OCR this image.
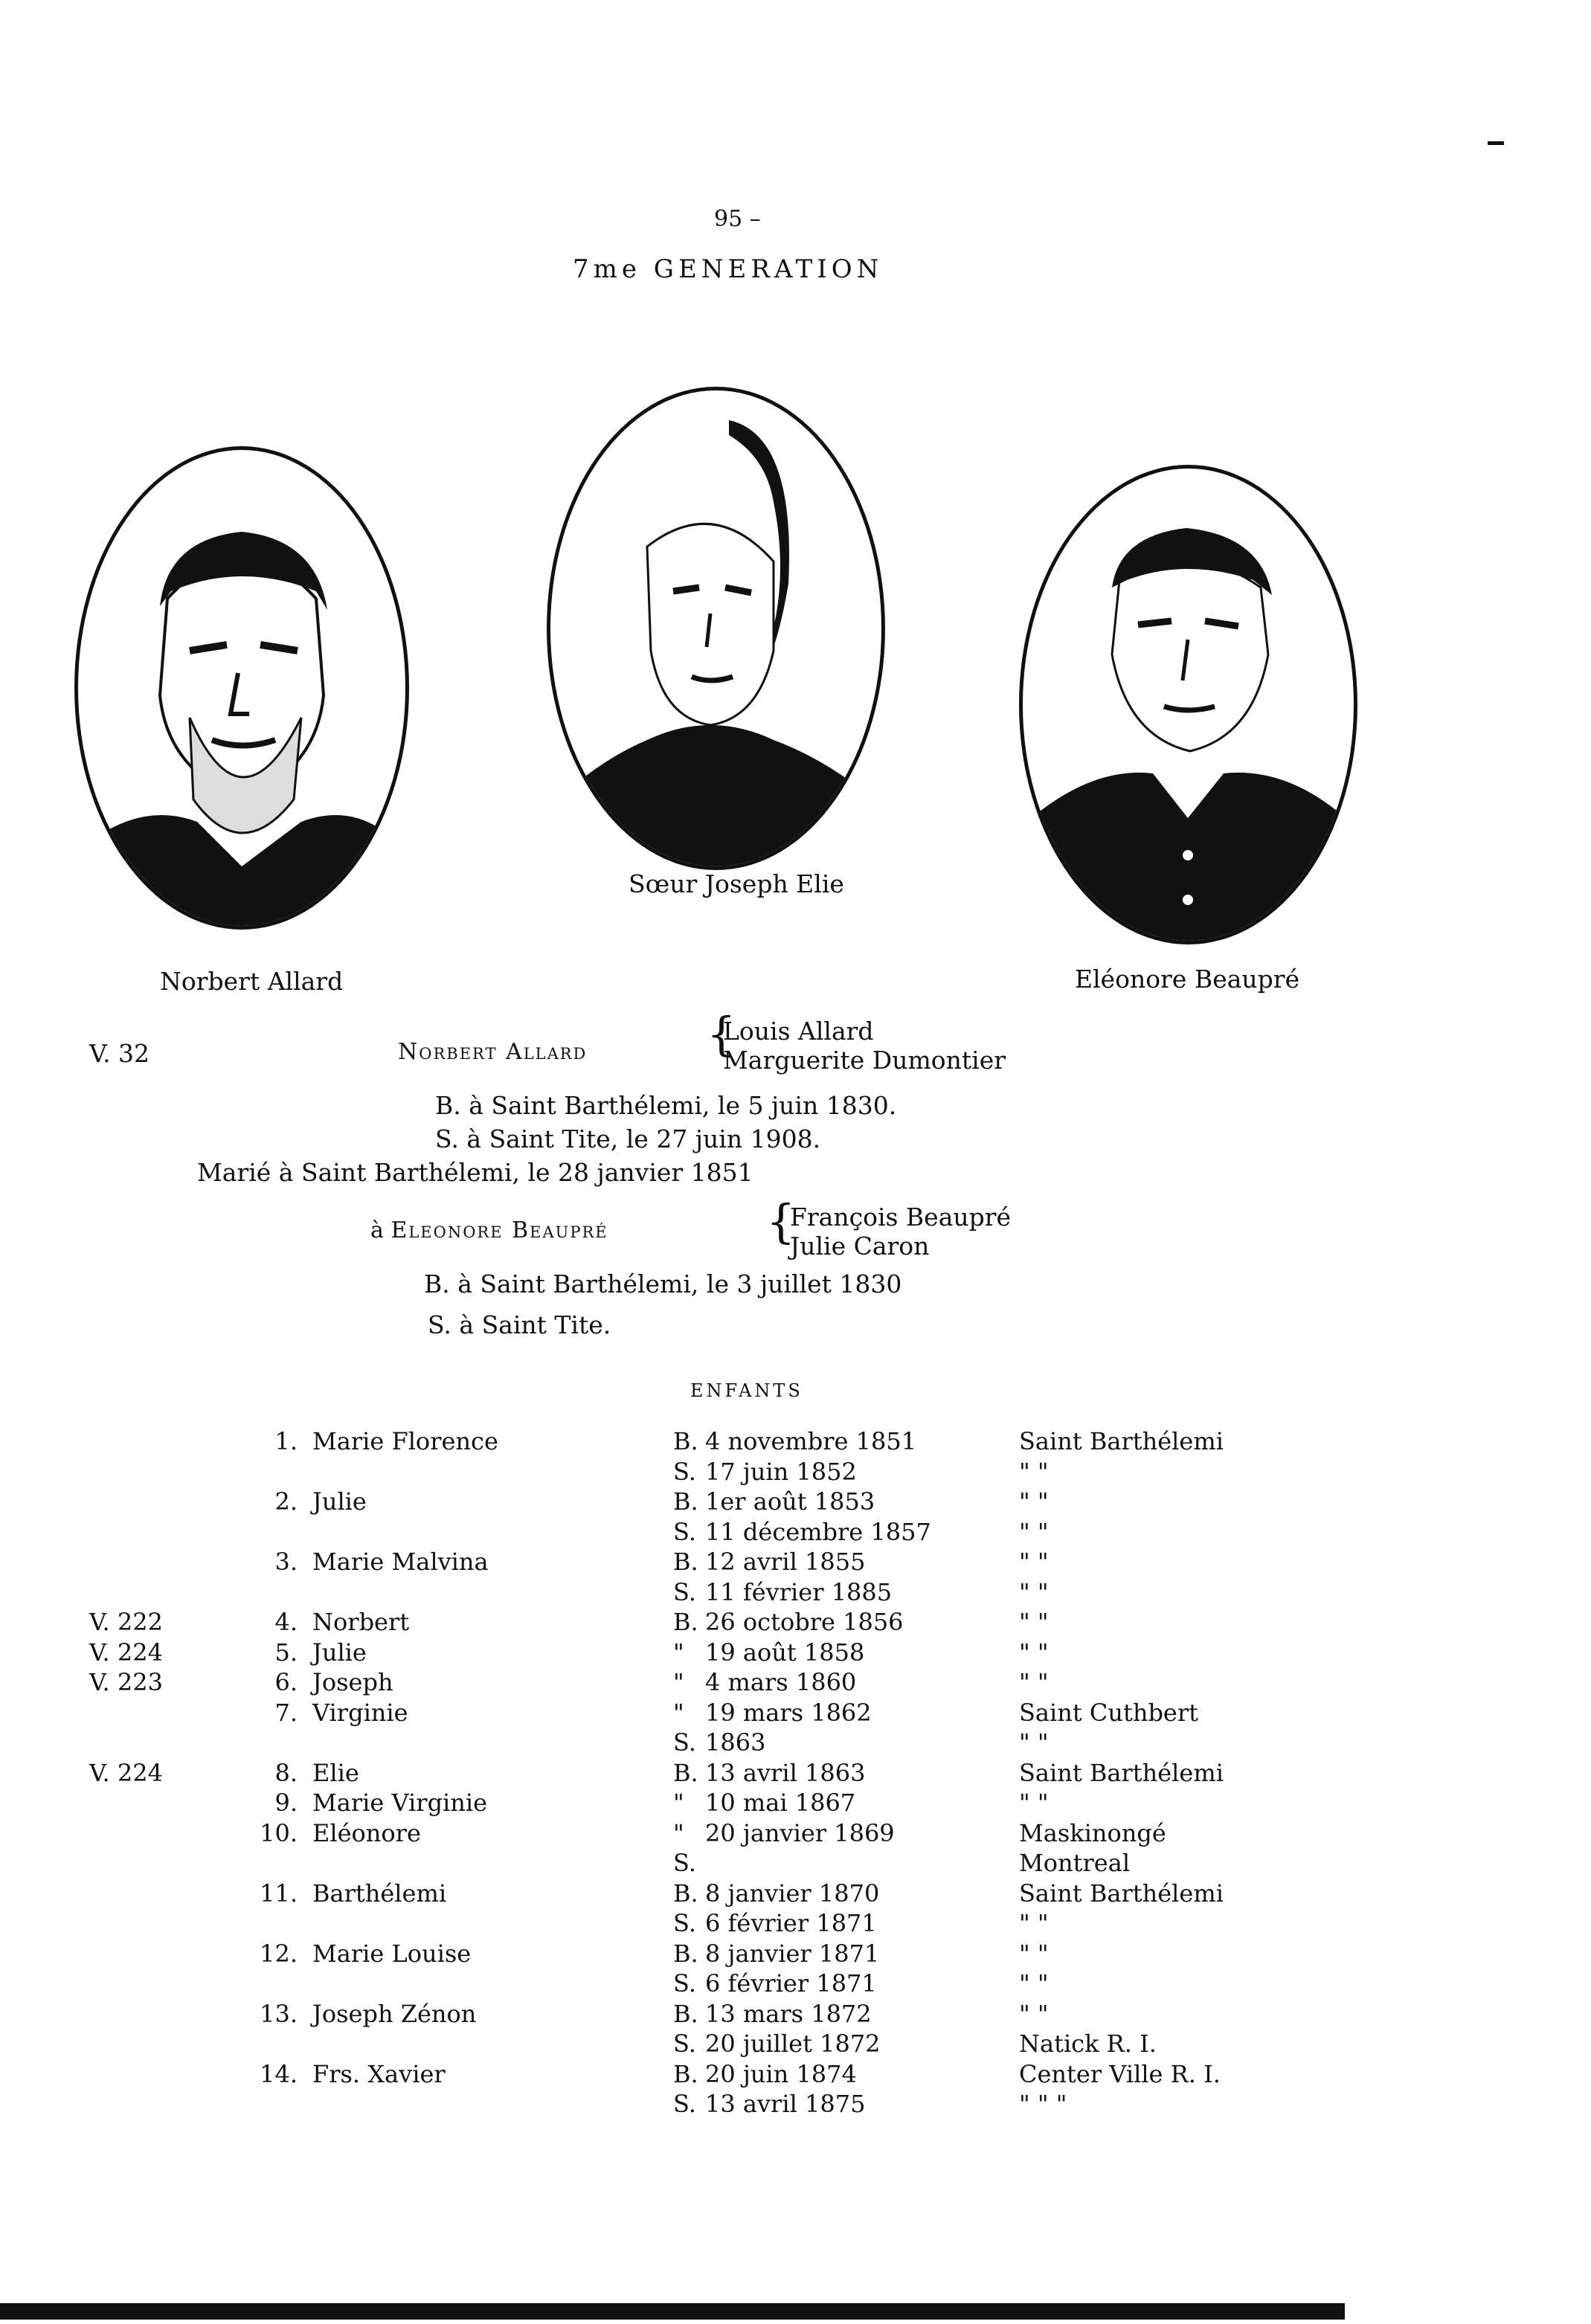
95 –
7me GENERATION
Sœur Joseph Elie
Norbert Allard	Eléonore Beaupré
V. 32	Norbert Allard	{
Louis Allard
Marguerite Dumontier
B. à Saint Barthélemi, le 5 juin 1830.
S. à Saint Tite, le 27 juin 1908.
Marié à Saint Barthélemi, le 28 janvier 1851
à Eleonore Beaupré	{
François Beaupré
Julie Caron
B. à Saint Barthélemi, le 3 juillet 1830
S. à Saint Tite.
ENFANTS
1. Marie Florence	B. 4 novembre 1851	Saint Barthélemi
S. 17 juin 1852	" "
2. Julie	B. 1er août 1853	" "
S. 11 décembre 1857	" "
3. Marie Malvina	B. 12 avril 1855	" "
S. 11 février 1885	" "
V. 222	4. Norbert	B. 26 octobre 1856	" "
V. 224	5. Julie	" 19 août 1858	" "
V. 223	6. Joseph	" 4 mars 1860	" "
7. Virginie	" 19 mars 1862	Saint Cuthbert
S. 1863	" "
V. 224	8. Elie	B. 13 avril 1863	Saint Barthélemi
9. Marie Virginie	" 10 mai 1867	" "
10. Eléonore	" 20 janvier 1869	Maskinongé
S.	Montreal
11. Barthélemi	B. 8 janvier 1870	Saint Barthélemi
S. 6 février 1871	" "
12. Marie Louise	B. 8 janvier 1871	" "
S. 6 février 1871	" "
13. Joseph Zénon	B. 13 mars 1872	" "
S. 20 juillet 1872	Natick R. I.
14. Frs. Xavier	B. 20 juin 1874	Center Ville R. I.
S. 13 avril 1875	" " "
